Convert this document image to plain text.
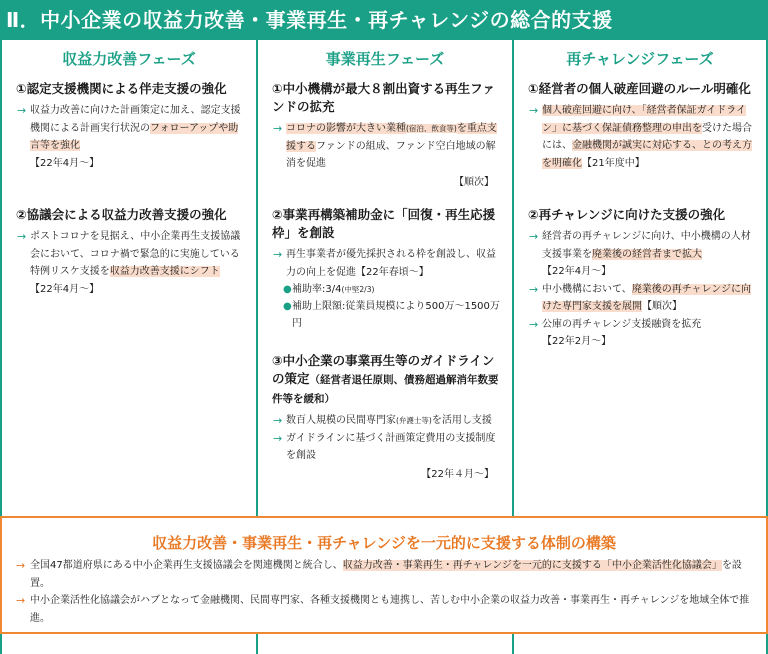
Ⅱ．中小企業の収益力改善・事業再生・再チャレンジの総合的支援
収益力改善フェーズ
①認定支援機関による伴走支援の強化
→ 収益力改善に向けた計画策定に加え、認定支援機関による計画実行状況のフォローアップや助言等を強化
【22年4月～】
②協議会による収益力改善支援の強化
→ ポストコロナを見据え、中小企業再生支援協議会において、コロナ禍で緊急的に実施している特例リスケ支援を収益力改善支援にシフト
【22年4月～】
事業再生フェーズ
①中小機構が最大８割出資する再生ファンドの拡充
→ コロナの影響が大きい業種(宿泊、飲食等)を重点支援するファンドの組成、ファンド空白地域の解消を促進
【順次】
②事業再構築補助金に「回復・再生応援枠」を創設
→ 再生事業者が優先採択される枠を創設し、収益力の向上を促進【22年春頃～】
● 補助率:3/4(中堅2/3)
● 補助上限額:従業員規模により500万～1500万円
③中小企業の事業再生等のガイドラインの策定（経営者退任原則、債務超過解消年数要件等を緩和）
→ 数百人規模の民間専門家(弁護士等)を活用し支援
→ ガイドラインに基づく計画策定費用の支援制度を創設
【22年４月～】
再チャレンジフェーズ
①経営者の個人破産回避のルール明確化
→ 個人破産回避に向け、「経営者保証ガイドライン」に基づく保証債務整理の申出を受けた場合には、金融機関が誠実に対応する、との考え方を明確化【21年度中】
②再チャレンジに向けた支援の強化
→ 経営者の再チャレンジに向け、中小機構の人材支援事業を廃業後の経営者まで拡大
【22年4月～】
→ 中小機構において、廃業後の再チャレンジに向けた専門家支援を展開【順次】
→ 公庫の再チャレンジ支援融資を拡充
【22年2月～】
収益力改善・事業再生・再チャレンジを一元的に支援する体制の構築
→ 全国47都道府県にある中小企業再生支援協議会を関連機関と統合し、収益力改善・事業再生・再チャレンジを一元的に支援する「中小企業活性化協議会」を設置。
→ 中小企業活性化協議会がハブとなって金融機関、民間専門家、各種支援機関とも連携し、苦しむ中小企業の収益力改善・事業再生・再チャレンジを地域全体で推進。
